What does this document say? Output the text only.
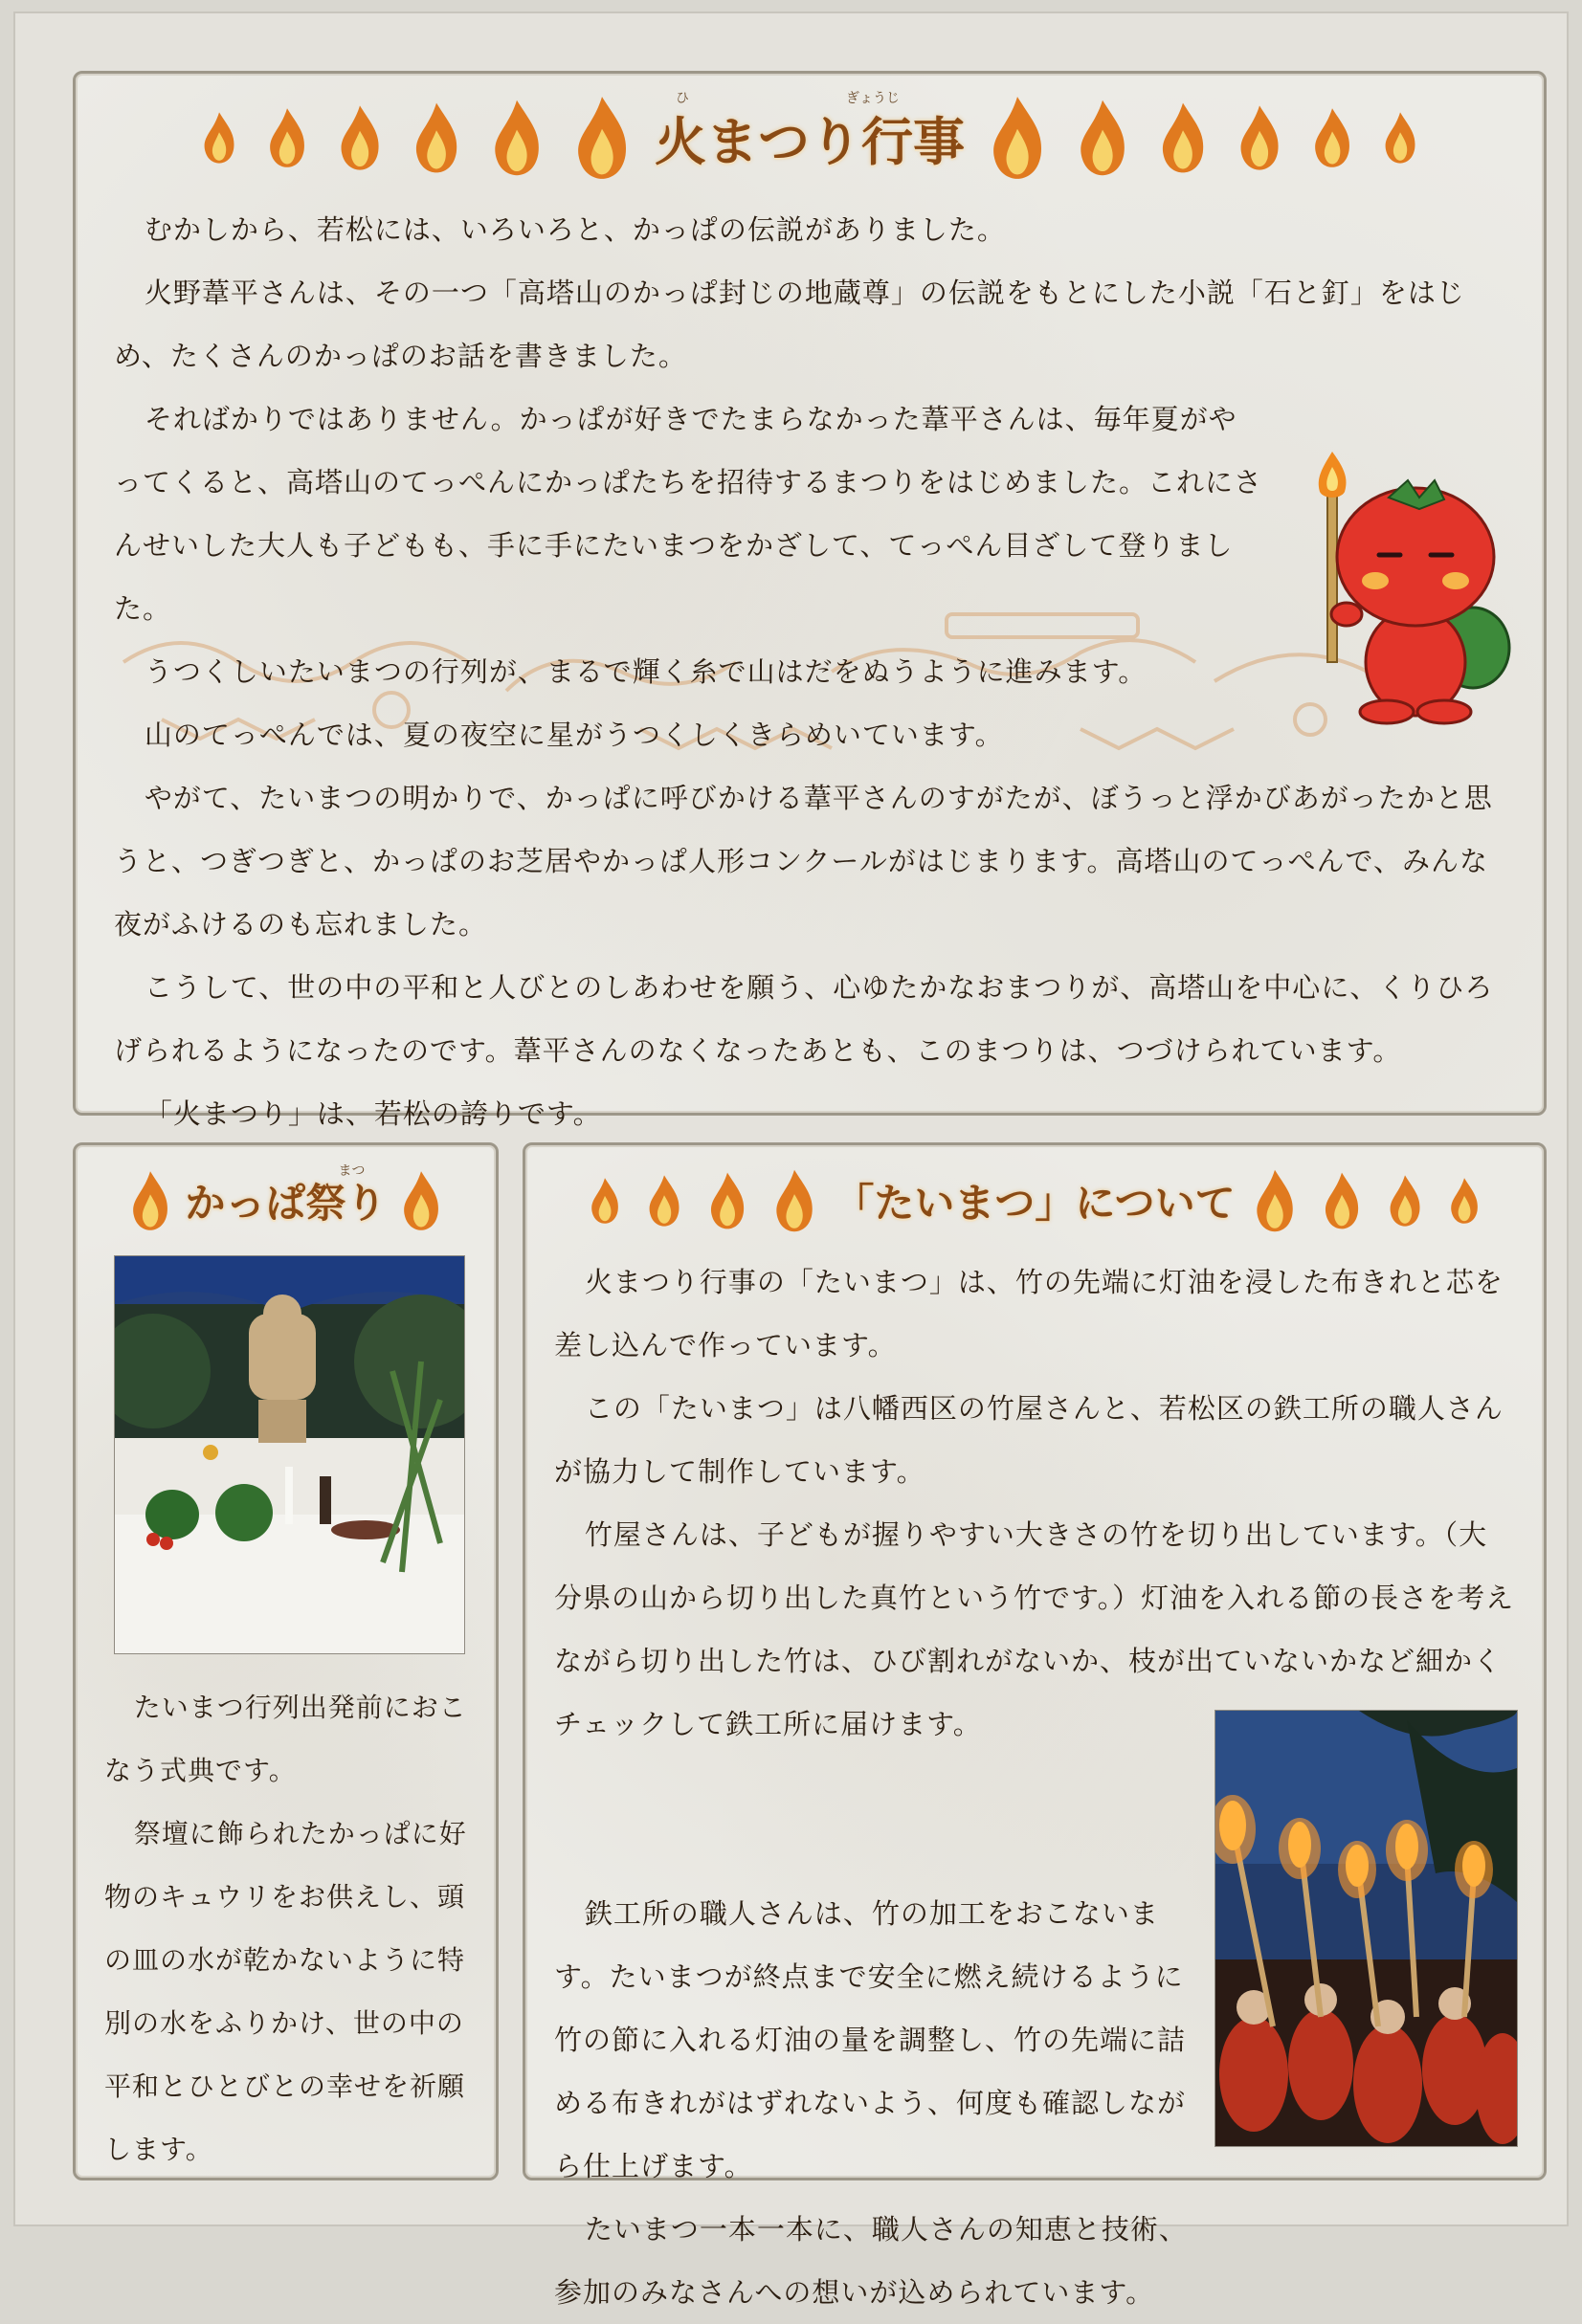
ひ	ぎょうじ
火まつり行事

むかしから、若松には、いろいろと、かっぱの伝説がありました。

火野葦平さんは、その一つ「高塔山のかっぱ封じの地蔵尊」の伝説をもとにした小説「石と釘」をはじめ、たくさんのかっぱのお話を書きました。

そればかりではありません。かっぱが好きでたまらなかった葦平さんは、毎年夏がやってくると、高塔山のてっぺんにかっぱたちを招待するまつりをはじめました。これにさんせいした大人も子どもも、手に手にたいまつをかざして、てっぺん目ざして登りました。

うつくしいたいまつの行列が、まるで輝く糸で山はだをぬうように進みます。

山のてっぺんでは、夏の夜空に星がうつくしくきらめいています。

やがて、たいまつの明かりで、かっぱに呼びかける葦平さんのすがたが、ぼうっと浮かびあがったかと思うと、つぎつぎと、かっぱのお芝居やかっぱ人形コンクールがはじまります。高塔山のてっぺんで、みんな夜がふけるのも忘れました。

こうして、世の中の平和と人びとのしあわせを願う、心ゆたかなおまつりが、高塔山を中心に、くりひろげられるようになったのです。葦平さんのなくなったあとも、このまつりは、つづけられています。

「火まつり」は、若松の誇りです。

まつ
かっぱ祭り

たいまつ行列出発前におこなう式典です。

祭壇に飾られたかっぱに好物のキュウリをお供えし、頭の皿の水が乾かないように特別の水をふりかけ、世の中の平和とひとびとの幸せを祈願します。

「たいまつ」について

火まつり行事の「たいまつ」は、竹の先端に灯油を浸した布きれと芯を差し込んで作っています。

この「たいまつ」は八幡西区の竹屋さんと、若松区の鉄工所の職人さんが協力して制作しています。

竹屋さんは、子どもが握りやすい大きさの竹を切り出しています。（大分県の山から切り出した真竹という竹です。）灯油を入れる節の長さを考えながら切り出した竹は、ひび割れがないか、枝が出ていないかなど細かくチェックして鉄工所に届けます。

鉄工所の職人さんは、竹の加工をおこないます。たいまつが終点まで安全に燃え続けるように竹の節に入れる灯油の量を調整し、竹の先端に詰める布きれがはずれないよう、何度も確認しながら仕上げます。

たいまつ一本一本に、職人さんの知恵と技術、参加のみなさんへの想いが込められています。
